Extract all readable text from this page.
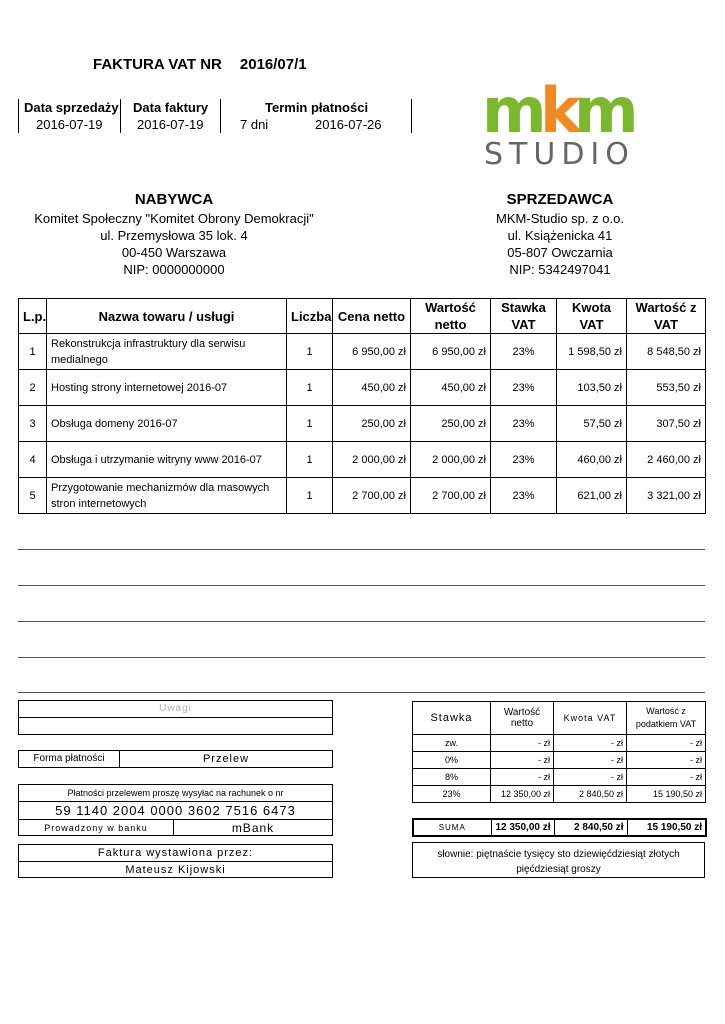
FAKTURA VAT NR 2016/07/1
Data sprzedaży
2016-07-19
Data faktury
2016-07-19
Termin płatności
7 dni	2016-07-26 m
k
m
STUDIO
NABYWCA
Komitet Społeczny "Komitet Obrony Demokracji"
ul. Przemysłowa 35 lok. 4
00-450 Warszawa
NIP: 0000000000
SPRZEDAWCA
MKM-Studio sp. z o.o.
ul. Książenicka 41
05-807 Owczarnia
NIP: 5342497041
L.p.	Nazwa towaru / usługi	Liczba	Cena netto	Wartość netto	Stawka VAT	Kwota VAT	Wartość z VAT
1	Rekonstrukcja infrastruktury dla serwisu medialnego	1	6 950,00 zł	6 950,00 zł	23%	1 598,50 zł	8 548,50 zł
2	Hosting strony internetowej 2016-07	1	450,00 zł	450,00 zł	23%	103,50 zł	553,50 zł
3	Obsługa domeny 2016-07	1	250,00 zł	250,00 zł	23%	57,50 zł	307,50 zł
4	Obsługa i utrzymanie witryny www 2016-07	1	2 000,00 zł	2 000,00 zł	23%	460,00 zł	2 460,00 zł
5	Przygotowanie mechanizmów dla masowych stron internetowych	1	2 700,00 zł	2 700,00 zł	23%	621,00 zł	3 321,00 zł
Uwagi
Forma płatności	Przelew
Płatności przelewem proszę wysyłać na rachunek o nr
59 1140 2004 0000 3602 7516 6473
Prowadzony w banku	mBank
Faktura wystawiona przez:
Mateusz Kijowski
Stawka	Wartość netto	Kwota VAT	Wartość z podatkiem VAT
zw.	- zł	- zł	- zł
0%	- zł	- zł	- zł
8%	- zł	- zł	- zł
23%	12 350,00 zł	2 840,50 zł	15 190,50 zł
SUMA	12 350,00 zł	2 840,50 zł	15 190,50 zł
słownie: piętnaście tysięcy sto dziewięćdziesiąt złotych pięćdziesiąt groszy
